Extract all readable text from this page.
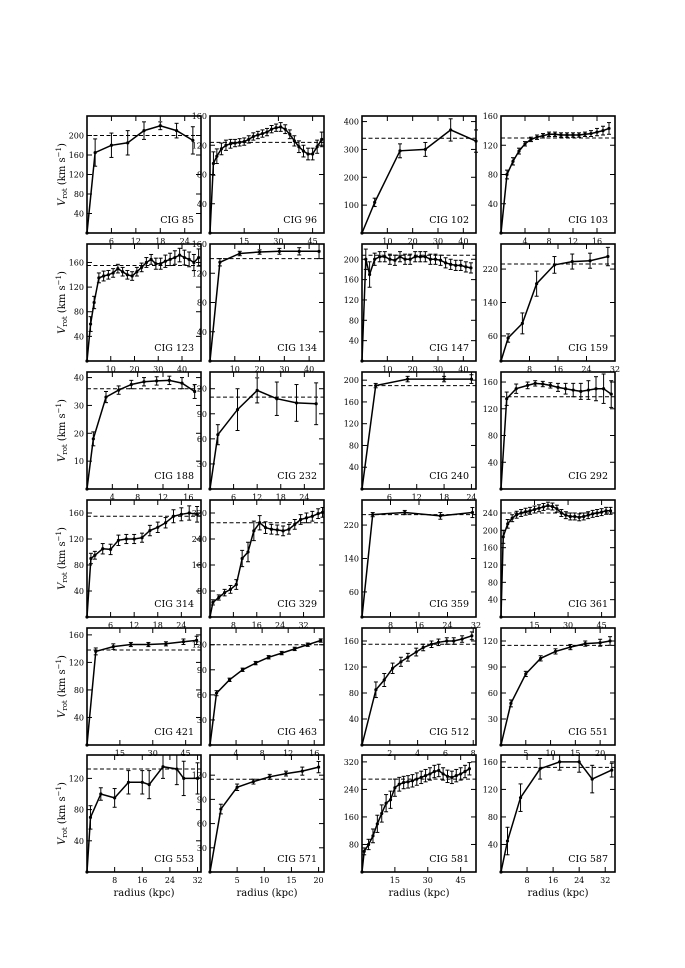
6 12 18 24
40
80
120
160
200
CIG 85
$V_{rot}$ (km $s^{-1}$)
15	30	45
40
80
120
160
CIG 96
10 20 30 40
100
200
300
400
CIG 102
4 8 12 16
40
80
120
160
CIG 103
10 20 30 40
40
80
120
160
CIG 123
$V_{rot}$ (km $s^{-1}$)
10 20 30 40
40
80
120
160
CIG 134
10 20 30 40
40
80
120
160
200
CIG 147
8	16 24 32
60
140
220
CIG 159
4	8 12 16
10
20
30
40
CIG 188
$V_{rot}$ (km $s^{-1}$)
6 12 18 24
30
60
90
120
CIG 232
6 12 18 24
40
80
120
160
200
CIG 240
40
80
120
160
CIG 292
6 12 18 24
40
80
120
160
CIG 314
$V_{rot}$ (km $s^{-1}$)
8 16 24 32
80
160
240
320
CIG 329
8	16 24 32
60
140
220
CIG 359
15	30	45
40
80
120
160
200
240
CIG 361
15	30	45
40
80
120
160
CIG 421
$V_{rot}$ (km $s^{-1}$)
4	8 12 16
30
60
90
120
CIG 463
2	4	6	8
40
80
120
160
CIG 512
5 10 15 20
30
60
90
120
CIG 551
8 16 24 32
40
80
120
CIG 553
$V_{rot}$ (km $s^{-1}$)
radius (kpc)
5 10 15 20
30
60
90
120
CIG 571
radius (kpc)
15	30	45
80
160
240
320
CIG 581
radius (kpc)
8 16 24 32
40
80
120
160
CIG 587
radius (kpc)
